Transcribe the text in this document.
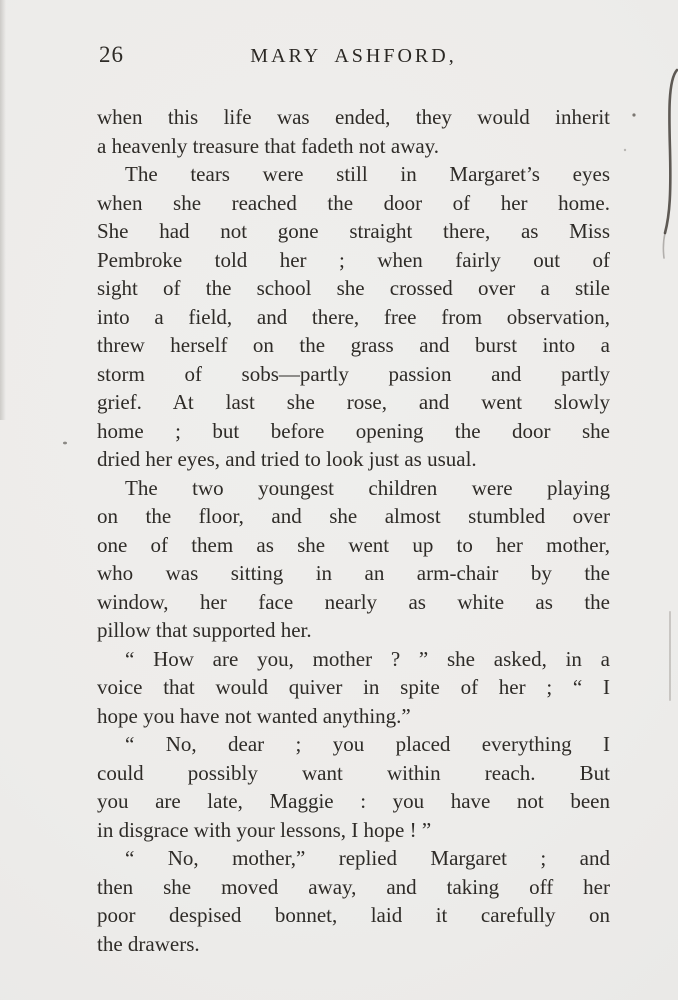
26	MARY ASHFORD,
when this life was ended, they would inherit
a heavenly treasure that fadeth not away.
The tears were still in Margaret’s eyes
when she reached the door of her home.
She had not gone straight there, as Miss
Pembroke told her ; when fairly out of
sight of the school she crossed over a stile
into a field, and there, free from observation,
threw herself on the grass and burst into a
storm of sobs—partly passion and partly
grief. At last she rose, and went slowly
home ; but before opening the door she
dried her eyes, and tried to look just as usual.
The two youngest children were playing
on the floor, and she almost stumbled over
one of them as she went up to her mother,
who was sitting in an arm-chair by the
window, her face nearly as white as the
pillow that supported her.
“ How are you, mother ? ” she asked, in a
voice that would quiver in spite of her ; “ I
hope you have not wanted anything.”
“ No, dear ; you placed everything I
could possibly want within reach. But
you are late, Maggie : you have not been
in disgrace with your lessons, I hope ! ”
“ No, mother,” replied Margaret ; and
then she moved away, and taking off her
poor despised bonnet, laid it carefully on
the drawers.
